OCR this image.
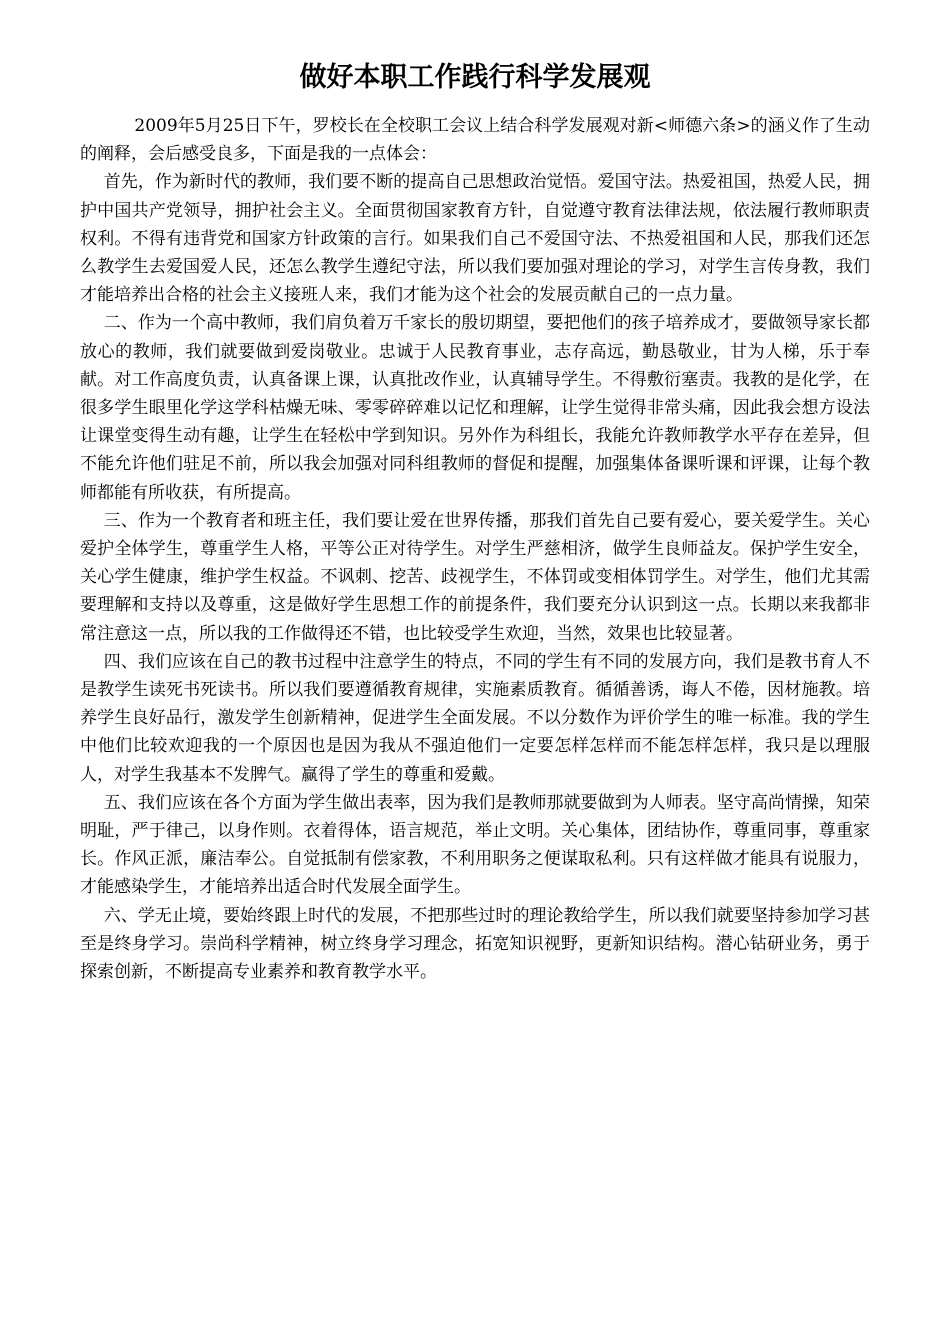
做好本职工作践行科学发展观

2009年5月25日下午，罗校长在全校职工会议上结合科学发展观对新<师德六条>的涵义作了生动的阐释，会后感受良多，下面是我的一点体会：

首先，作为新时代的教师，我们要不断的提高自己思想政治觉悟。爱国守法。热爱祖国，热爱人民，拥护中国共产党领导，拥护社会主义。全面贯彻国家教育方针，自觉遵守教育法律法规，依法履行教师职责权利。不得有违背党和国家方针政策的言行。如果我们自己不爱国守法、不热爱祖国和人民，那我们还怎么教学生去爱国爱人民，还怎么教学生遵纪守法，所以我们要加强对理论的学习，对学生言传身教，我们才能培养出合格的社会主义接班人来，我们才能为这个社会的发展贡献自己的一点力量。

二、作为一个高中教师，我们肩负着万千家长的殷切期望，要把他们的孩子培养成才，要做领导家长都放心的教师，我们就要做到爱岗敬业。忠诚于人民教育事业，志存高远，勤恳敬业，甘为人梯，乐于奉献。对工作高度负责，认真备课上课，认真批改作业，认真辅导学生。不得敷衍塞责。我教的是化学，在很多学生眼里化学这学科枯燥无味、零零碎碎难以记忆和理解，让学生觉得非常头痛，因此我会想方设法让课堂变得生动有趣，让学生在轻松中学到知识。另外作为科组长，我能允许教师教学水平存在差异，但不能允许他们驻足不前，所以我会加强对同科组教师的督促和提醒，加强集体备课听课和评课，让每个教师都能有所收获，有所提高。

三、作为一个教育者和班主任，我们要让爱在世界传播，那我们首先自己要有爱心，要关爱学生。关心爱护全体学生，尊重学生人格，平等公正对待学生。对学生严慈相济，做学生良师益友。保护学生安全，关心学生健康，维护学生权益。不讽刺、挖苦、歧视学生，不体罚或变相体罚学生。对学生，他们尤其需要理解和支持以及尊重，这是做好学生思想工作的前提条件，我们要充分认识到这一点。长期以来我都非常注意这一点，所以我的工作做得还不错，也比较受学生欢迎，当然，效果也比较显著。

四、我们应该在自己的教书过程中注意学生的特点，不同的学生有不同的发展方向，我们是教书育人不是教学生读死书死读书。所以我们要遵循教育规律，实施素质教育。循循善诱，诲人不倦，因材施教。培养学生良好品行，激发学生创新精神，促进学生全面发展。不以分数作为评价学生的唯一标准。我的学生中他们比较欢迎我的一个原因也是因为我从不强迫他们一定要怎样怎样而不能怎样怎样，我只是以理服人，对学生我基本不发脾气。赢得了学生的尊重和爱戴。

五、我们应该在各个方面为学生做出表率，因为我们是教师那就要做到为人师表。坚守高尚情操，知荣明耻，严于律己，以身作则。衣着得体，语言规范，举止文明。关心集体，团结协作，尊重同事，尊重家长。作风正派，廉洁奉公。自觉抵制有偿家教，不利用职务之便谋取私利。只有这样做才能具有说服力，才能感染学生，才能培养出适合时代发展全面学生。

六、学无止境，要始终跟上时代的发展，不把那些过时的理论教给学生，所以我们就要坚持参加学习甚至是终身学习。崇尚科学精神，树立终身学习理念，拓宽知识视野，更新知识结构。潜心钻研业务，勇于探索创新，不断提高专业素养和教育教学水平。
